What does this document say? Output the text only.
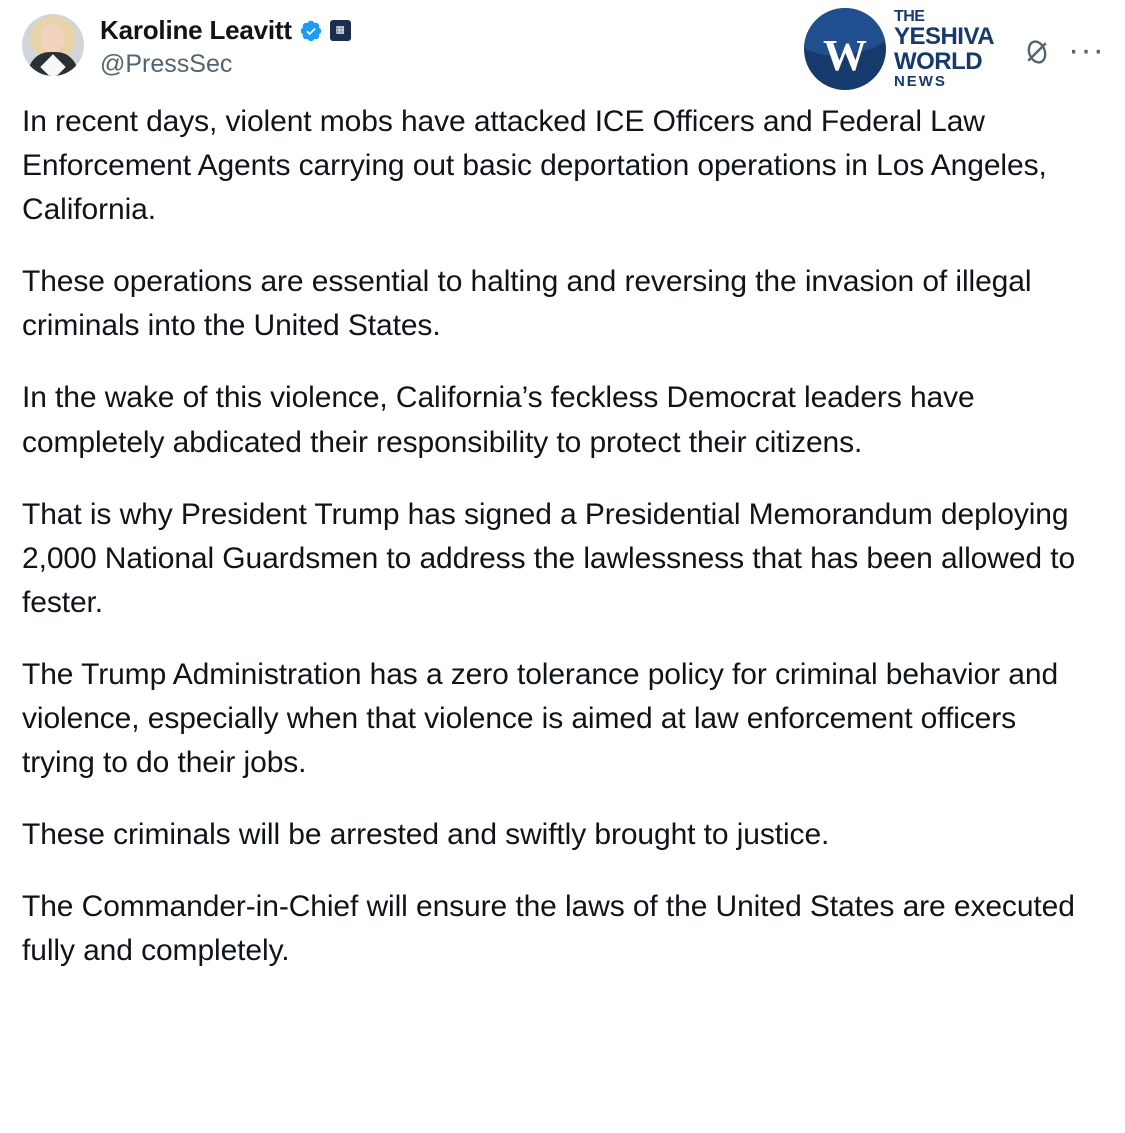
Karoline Leavitt	▦
@PressSec	W
THE
YESHIVA
WORLD
NEWS
···

In recent days, violent mobs have attacked ICE Officers and Federal Law Enforcement Agents carrying out basic deportation operations in Los Angeles, California.

These operations are essential to halting and reversing the invasion of illegal criminals into the United States.

In the wake of this violence, California’s feckless Democrat leaders have completely abdicated their responsibility to protect their citizens.

That is why President Trump has signed a Presidential Memorandum deploying 2,000 National Guardsmen to address the lawlessness that has been allowed to fester.

The Trump Administration has a zero tolerance policy for criminal behavior and violence, especially when that violence is aimed at law enforcement officers trying to do their jobs.

These criminals will be arrested and swiftly brought to justice.

The Commander-in-Chief will ensure the laws of the United States are executed fully and completely.
